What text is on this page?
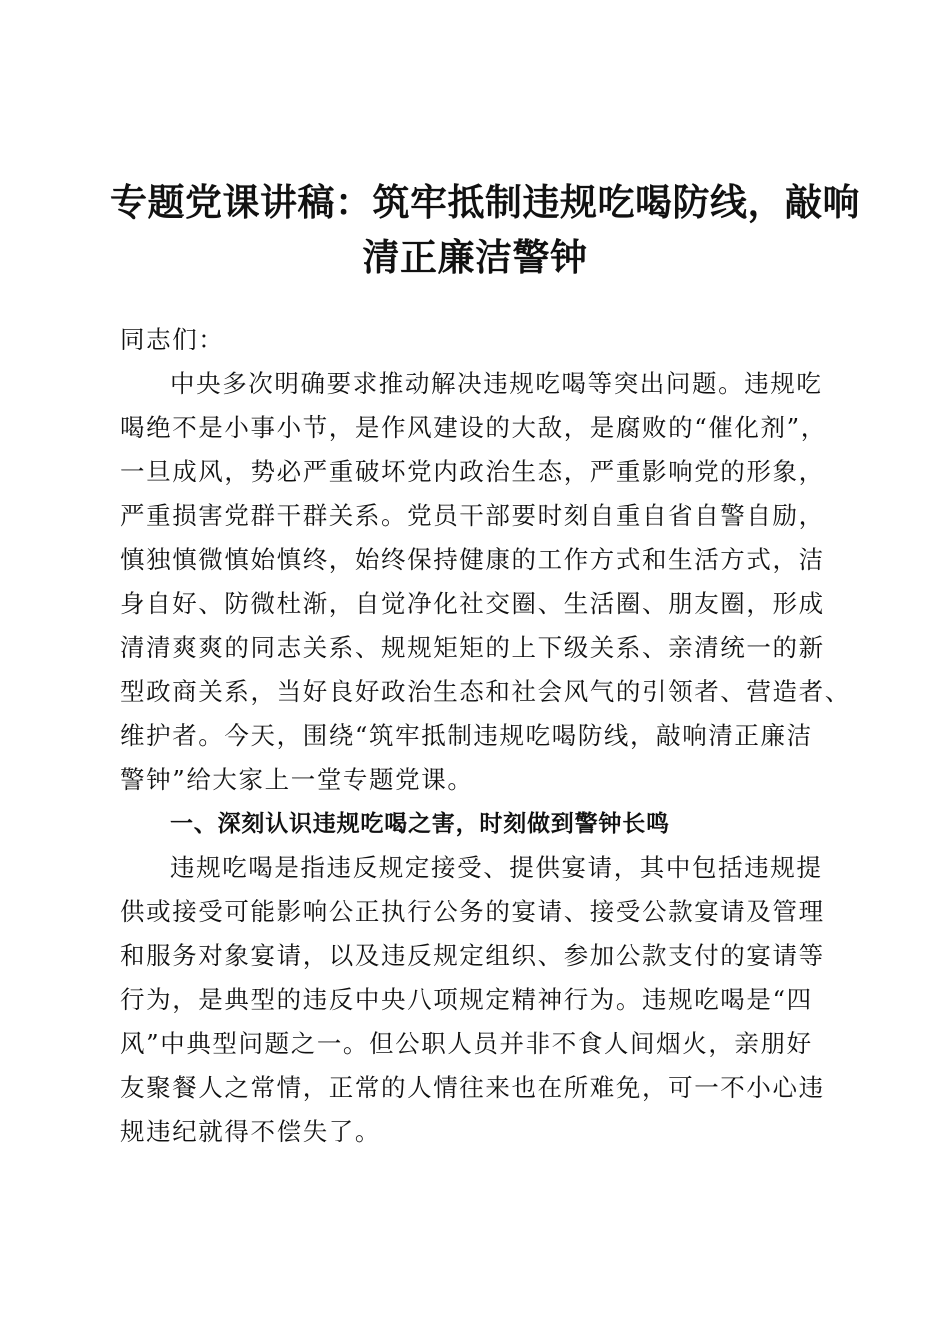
专题党课讲稿：筑牢抵制违规吃喝防线，敲响
清正廉洁警钟

同志们：

中央多次明确要求推动解决违规吃喝等突出问题。违规吃
喝绝不是小事小节，是作风建设的大敌，是腐败的“催化剂”，
一旦成风，势必严重破坏党内政治生态，严重影响党的形象，
严重损害党群干群关系。党员干部要时刻自重自省自警自励，
慎独慎微慎始慎终，始终保持健康的工作方式和生活方式，洁
身自好、防微杜渐，自觉净化社交圈、生活圈、朋友圈，形成
清清爽爽的同志关系、规规矩矩的上下级关系、亲清统一的新
型政商关系，当好良好政治生态和社会风气的引领者、营造者、
维护者。今天，围绕“筑牢抵制违规吃喝防线，敲响清正廉洁
警钟”给大家上一堂专题党课。

一、深刻认识违规吃喝之害，时刻做到警钟长鸣

违规吃喝是指违反规定接受、提供宴请，其中包括违规提
供或接受可能影响公正执行公务的宴请、接受公款宴请及管理
和服务对象宴请，以及违反规定组织、参加公款支付的宴请等
行为，是典型的违反中央八项规定精神行为。违规吃喝是“四
风”中典型问题之一。但公职人员并非不食人间烟火，亲朋好
友聚餐人之常情，正常的人情往来也在所难免，可一不小心违
规违纪就得不偿失了。
